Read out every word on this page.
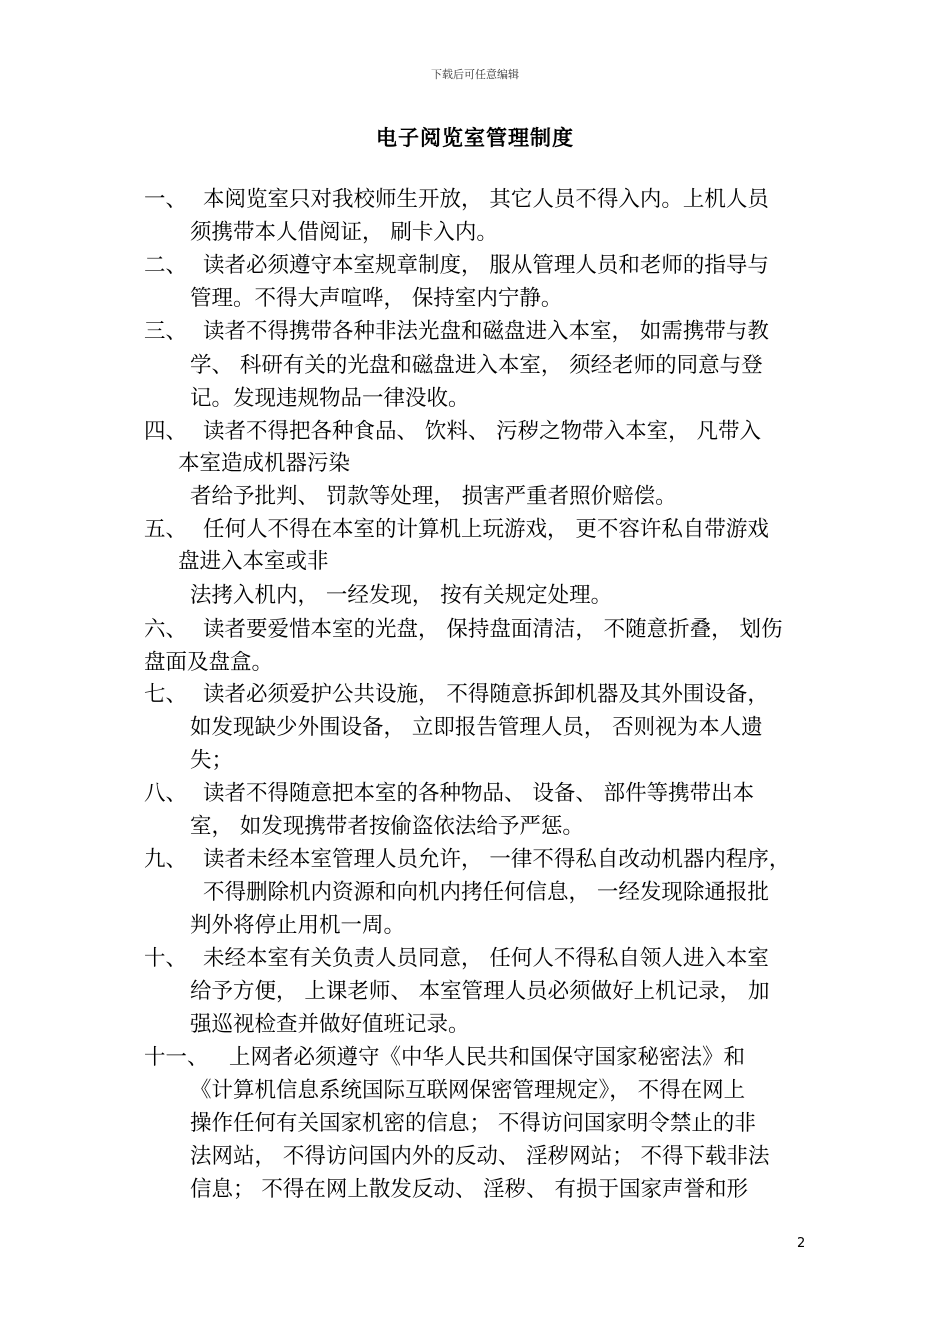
下载后可任意编辑
电子阅览室管理制度
一、 本阅览室只对我校师生开放， 其它人员不得入内。上机人员
须携带本人借阅证， 刷卡入内。
二、 读者必须遵守本室规章制度， 服从管理人员和老师的指导与
管理。不得大声喧哗， 保持室内宁静。
三、 读者不得携带各种非法光盘和磁盘进入本室， 如需携带与教
学、 科研有关的光盘和磁盘进入本室， 须经老师的同意与登
记。发现违规物品一律没收。
四、 读者不得把各种食品、 饮料、 污秽之物带入本室， 凡带入
本室造成机器污染
者给予批判、 罚款等处理， 损害严重者照价赔偿。
五、 任何人不得在本室的计算机上玩游戏， 更不容许私自带游戏
盘进入本室或非
法拷入机内， 一经发现， 按有关规定处理。
六、 读者要爱惜本室的光盘， 保持盘面清洁， 不随意折叠， 划伤
盘面及盘盒。
七、 读者必须爱护公共设施， 不得随意拆卸机器及其外围设备，
如发现缺少外围设备， 立即报告管理人员， 否则视为本人遗
失；
八、 读者不得随意把本室的各种物品、 设备、 部件等携带出本
室， 如发现携带者按偷盗依法给予严惩。
九、 读者未经本室管理人员允许， 一律不得私自改动机器内程序，
不得删除机内资源和向机内拷任何信息， 一经发现除通报批
判外将停止用机一周。
十、 未经本室有关负责人员同意， 任何人不得私自领人进入本室
给予方便， 上课老师、 本室管理人员必须做好上机记录， 加
强巡视检查并做好值班记录。
十一、 上网者必须遵守《中华人民共和国保守国家秘密法》和
《计算机信息系统国际互联网保密管理规定》， 不得在网上
操作任何有关国家机密的信息； 不得访问国家明令禁止的非
法网站， 不得访问国内外的反动、 淫秽网站； 不得下载非法
信息； 不得在网上散发反动、 淫秽、 有损于国家声誉和形
2
